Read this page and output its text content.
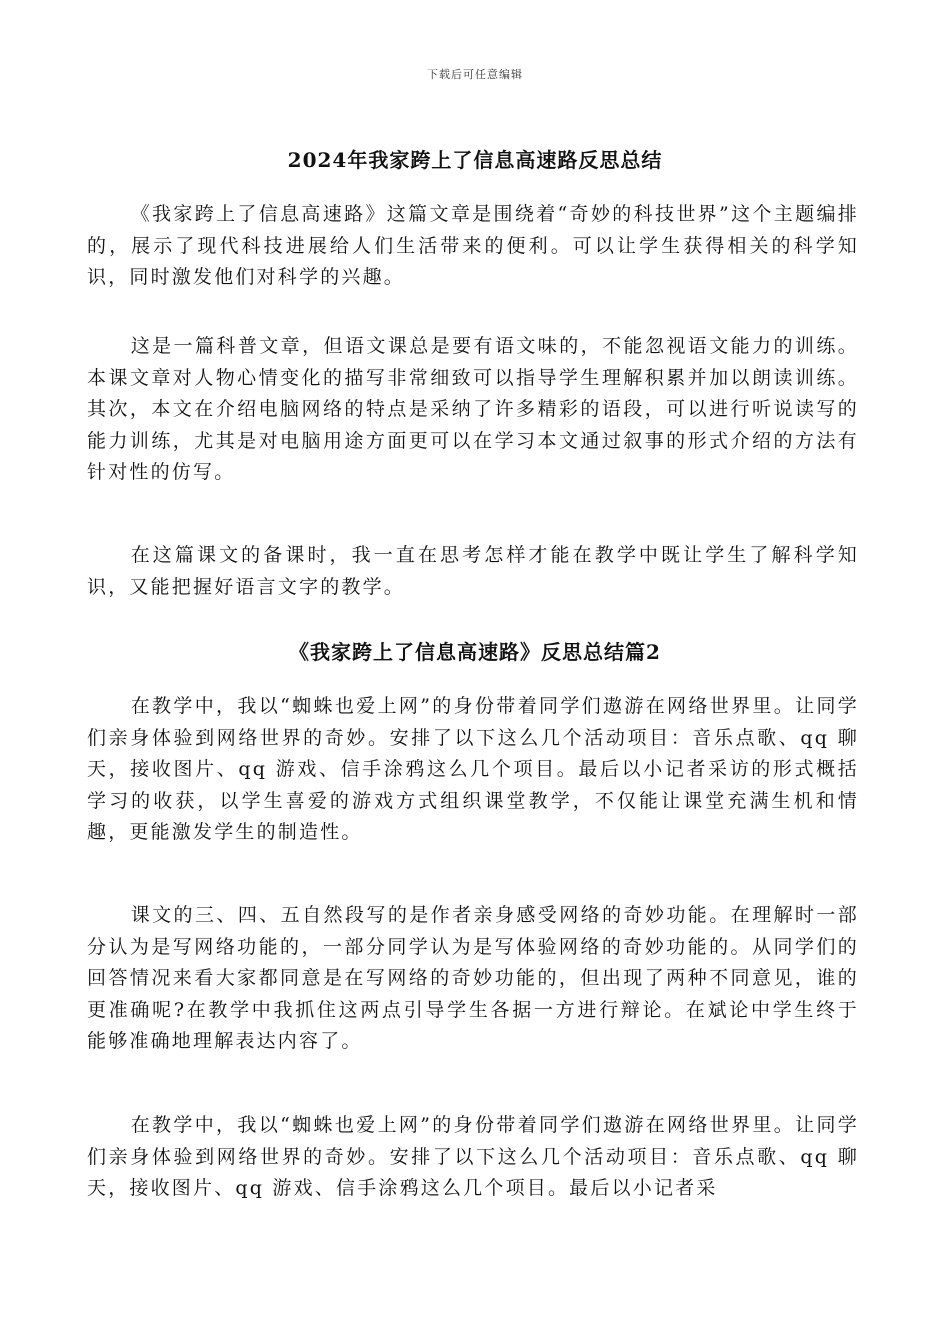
下载后可任意编辑
2024年我家跨上了信息高速路反思总结

《我家跨上了信息高速路》这篇文章是围绕着“奇妙的科技世界”这个主题编排的，展示了现代科技进展给人们生活带来的便利。可以让学生获得相关的科学知识，同时激发他们对科学的兴趣。

这是一篇科普文章，但语文课总是要有语文味的，不能忽视语文能力的训练。本课文章对人物心情变化的描写非常细致可以指导学生理解积累并加以朗读训练。其次，本文在介绍电脑网络的特点是采纳了许多精彩的语段，可以进行听说读写的能力训练，尤其是对电脑用途方面更可以在学习本文通过叙事的形式介绍的方法有针对性的仿写。

在这篇课文的备课时，我一直在思考怎样才能在教学中既让学生了解科学知识，又能把握好语言文字的教学。

《我家跨上了信息高速路》反思总结篇2

在教学中，我以“蜘蛛也爱上网”的身份带着同学们遨游在网络世界里。让同学们亲身体验到网络世界的奇妙。安排了以下这么几个活动项目：音乐点歌、qq 聊天，接收图片、qq 游戏、信手涂鸦这么几个项目。最后以小记者采访的形式概括学习的收获，以学生喜爱的游戏方式组织课堂教学，不仅能让课堂充满生机和情趣，更能激发学生的制造性。

课文的三、四、五自然段写的是作者亲身感受网络的奇妙功能。在理解时一部分认为是写网络功能的，一部分同学认为是写体验网络的奇妙功能的。从同学们的回答情况来看大家都同意是在写网络的奇妙功能的，但出现了两种不同意见，谁的更准确呢?在教学中我抓住这两点引导学生各据一方进行辩论。在斌论中学生终于能够准确地理解表达内容了。

在教学中，我以“蜘蛛也爱上网”的身份带着同学们遨游在网络世界里。让同学们亲身体验到网络世界的奇妙。安排了以下这么几个活动项目：音乐点歌、qq 聊天，接收图片、qq 游戏、信手涂鸦这么几个项目。最后以小记者采
